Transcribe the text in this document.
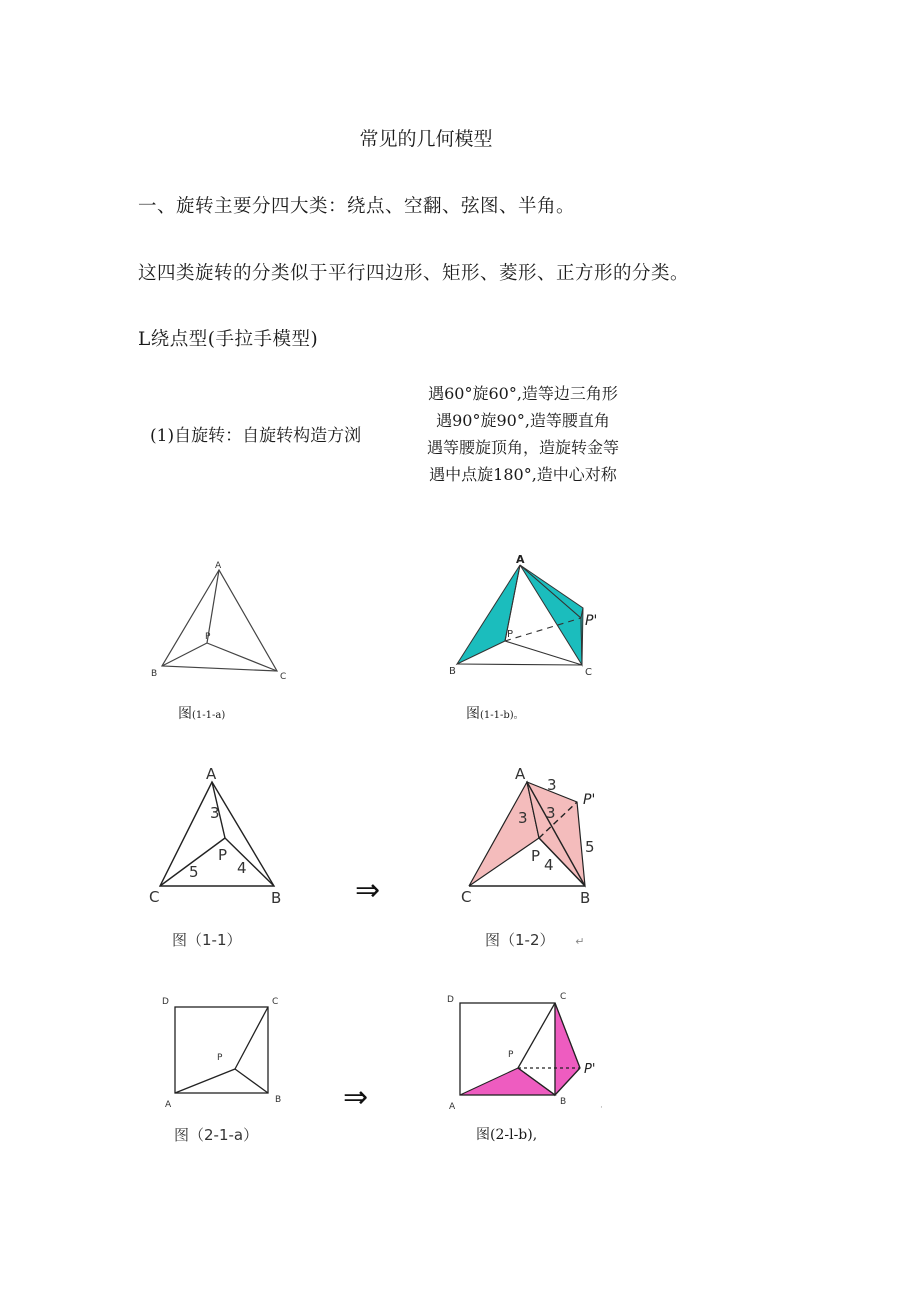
常见的几何模型
一、旋转主要分四大类：绕点、空翻、弦图、半角。
这四类旋转的分类似于平行四边形、矩形、菱形、正方形的分类。
L绕点型(手拉手模型)
(1)自旋转：自旋转构造方浏
遇60°旋60°,造等边三角形
遇90°旋90°,造等腰直角
遇等腰旋顶角，造旋转金等
遇中点旋180°,造中心对称
A
B	C
P
图(1-1-a)
A
B	C
P
P'
图(1-1-b)。
A
C	B
P
3
5	4
⇒
图（1-1）
A
C	B
P
P'
3
3
3
4
5
图（1-2） ↵
D	C
A	B
P
⇒
图（2-1-a）
D	C
A	B
P
P'
·
图(2-l-b),
